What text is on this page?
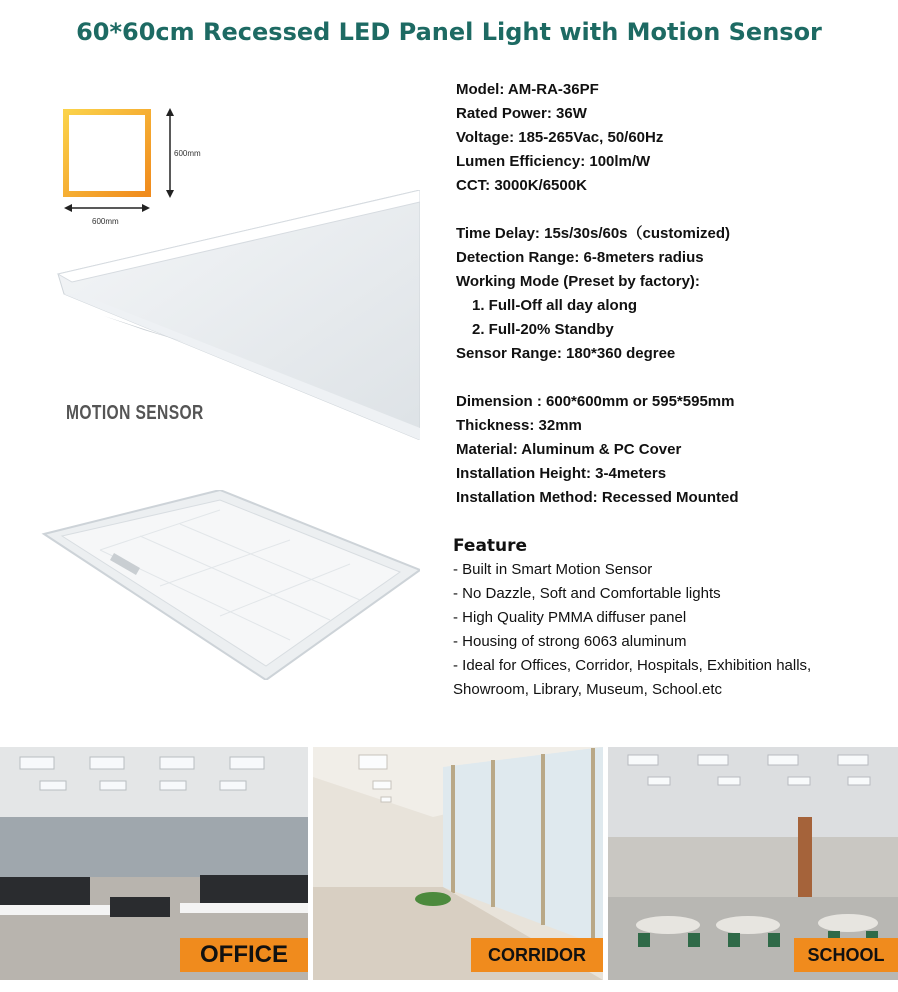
60*60cm Recessed LED Panel Light with Motion Sensor
600mm
600mm
MOTION SENSOR
Model: AM-RA-36PF
Rated Power: 36W
Voltage: 185-265Vac, 50/60Hz
Lumen Efficiency: 100lm/W
CCT: 3000K/6500K
Time Delay: 15s/30s/60s（customized)
Detection Range: 6-8meters radius
Working Mode (Preset by factory):
1. Full-Off all day along
2. Full-20% Standby
Sensor Range: 180*360 degree
Dimension : 600*600mm or 595*595mm
Thickness: 32mm
Material: Aluminum & PC Cover
Installation Height: 3-4meters
Installation Method: Recessed Mounted
Feature
- Built in Smart Motion Sensor
- No Dazzle, Soft and Comfortable lights
- High Quality PMMA diffuser panel
- Housing of strong 6063 aluminum
- Ideal for Offices, Corridor, Hospitals, Exhibition halls,
Showroom, Library, Museum, School.etc
OFFICE	CORRIDOR	SCHOOL
